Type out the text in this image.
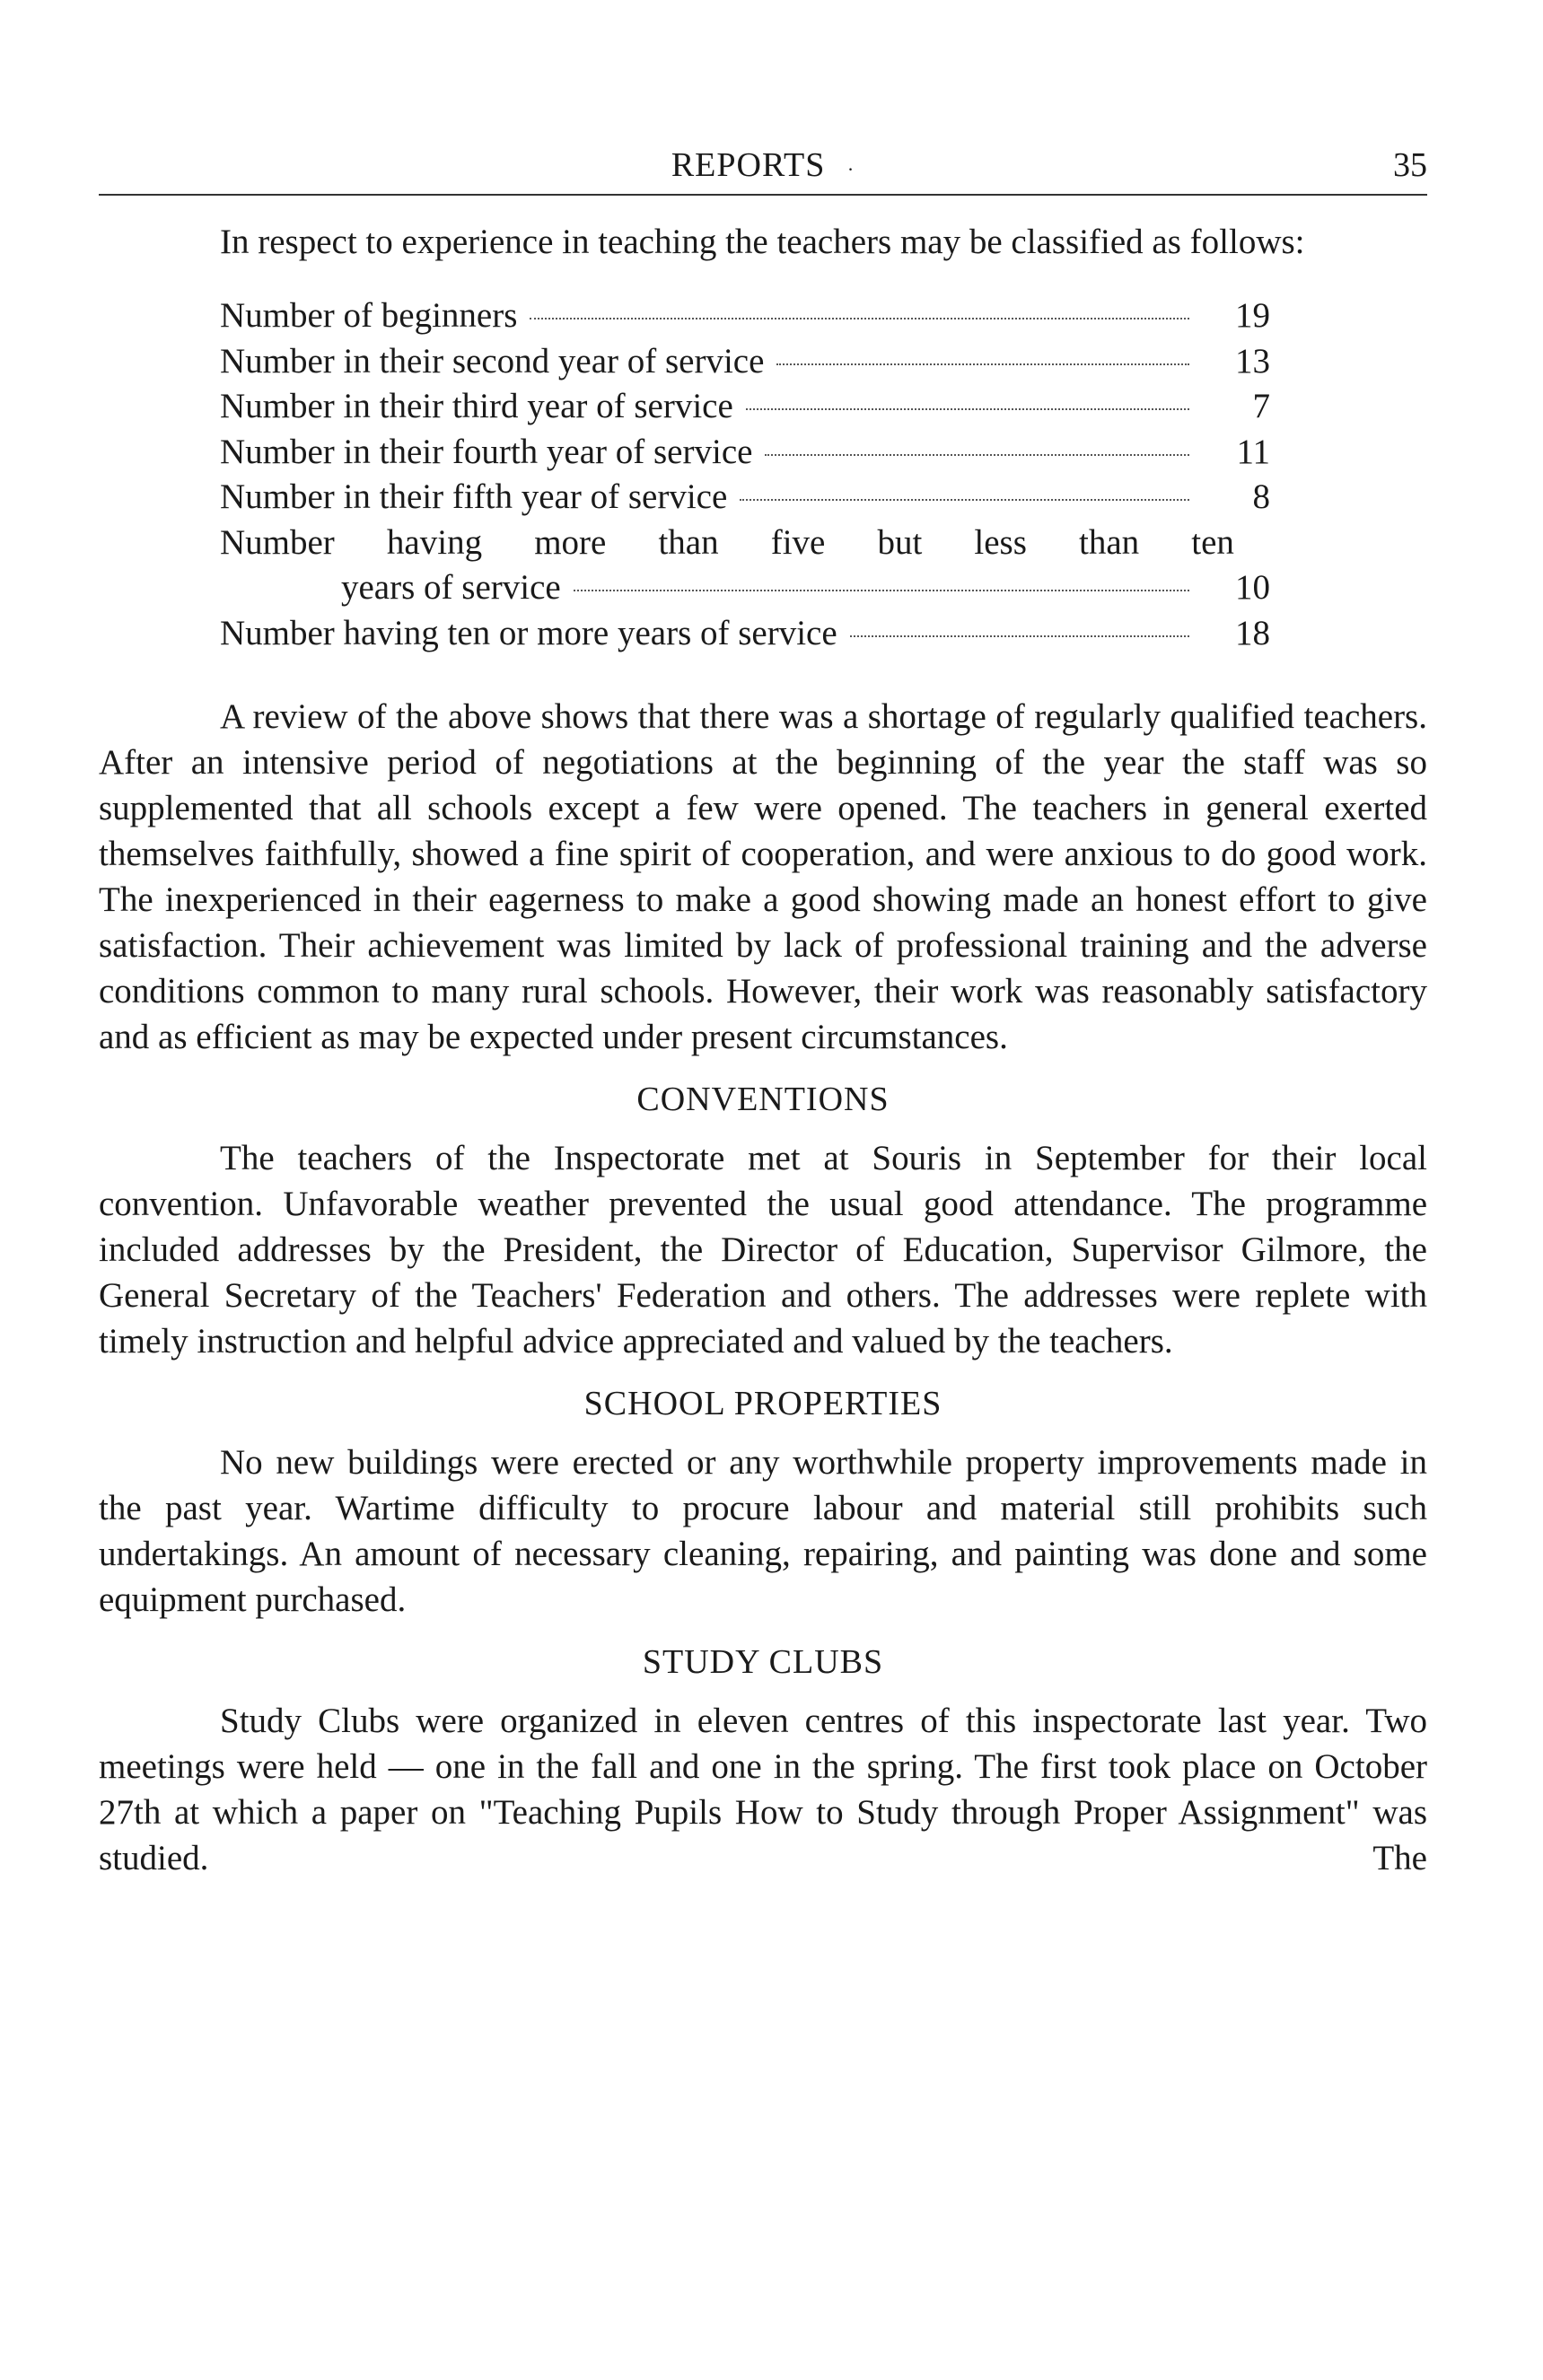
REPORTS ·	35

In respect to experience in teaching the teachers may be classified as follows:

Number of beginners	19
Number in their second year of service	13
Number in their third year of service	7
Number in their fourth year of service	11
Number in their fifth year of service	8
Number having more than five but less than ten
years of service	10
Number having ten or more years of service	18

A review of the above shows that there was a shortage of regularly qualified teachers. After an intensive period of negotiations at the beginning of the year the staff was so supplemented that all schools except a few were opened. The teachers in general exerted themselves faithfully, showed a fine spirit of cooperation, and were anxious to do good work. The inexperienced in their eagerness to make a good showing made an honest effort to give satisfaction. Their achievement was limited by lack of professional training and the adverse conditions common to many rural schools. However, their work was reasonably satisfactory and as efficient as may be expected under present circumstances.

CONVENTIONS

The teachers of the Inspectorate met at Souris in September for their local convention. Unfavorable weather prevented the usual good attendance. The programme included addresses by the President, the Director of Education, Supervisor Gilmore, the General Secretary of the Teachers' Federation and others. The addresses were replete with timely instruction and helpful advice appreciated and valued by the teachers.

SCHOOL PROPERTIES

No new buildings were erected or any worthwhile property improvements made in the past year. Wartime difficulty to procure labour and material still prohibits such undertakings. An amount of necessary cleaning, repairing, and painting was done and some equipment purchased.

STUDY CLUBS

Study Clubs were organized in eleven centres of this inspectorate last year. Two meetings were held — one in the fall and one in the spring. The first took place on October 27th at which a paper on "Teaching Pupils How to Study through Proper Assignment" was studied. The
